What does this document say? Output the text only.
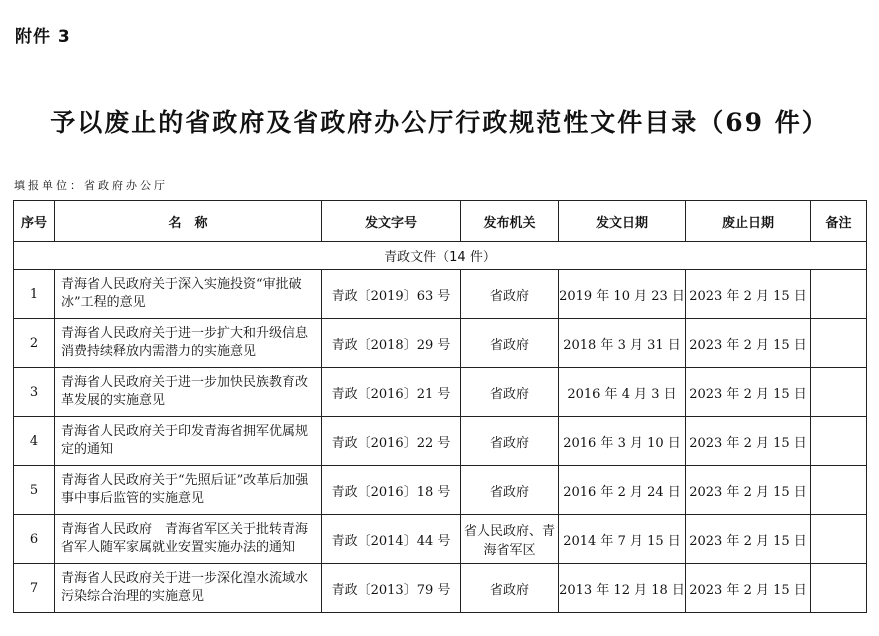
附件 3
予以废止的省政府及省政府办公厅行政规范性文件目录（69 件）
填报单位：省政府办公厅
序号	名　称	发文字号	发布机关	发文日期	废止日期	备注
青政文件（14 件）						
1	青海省人民政府关于深入实施投资“审批破冰”工程的意见	青政〔2019〕63 号	省政府	2019 年 10 月 23 日	2023 年 2 月 15 日	
2	青海省人民政府关于进一步扩大和升级信息消费持续释放内需潜力的实施意见	青政〔2018〕29 号	省政府	2018 年 3 月 31 日	2023 年 2 月 15 日	
3	青海省人民政府关于进一步加快民族教育改革发展的实施意见	青政〔2016〕21 号	省政府	2016 年 4 月 3 日	2023 年 2 月 15 日	
4	青海省人民政府关于印发青海省拥军优属规定的通知	青政〔2016〕22 号	省政府	2016 年 3 月 10 日	2023 年 2 月 15 日	
5	青海省人民政府关于“先照后证”改革后加强事中事后监管的实施意见	青政〔2016〕18 号	省政府	2016 年 2 月 24 日	2023 年 2 月 15 日	
6	青海省人民政府　青海省军区关于批转青海省军人随军家属就业安置实施办法的通知	青政〔2014〕44 号	省人民政府、青海省军区	2014 年 7 月 15 日	2023 年 2 月 15 日	
7	青海省人民政府关于进一步深化湟水流域水污染综合治理的实施意见	青政〔2013〕79 号	省政府	2013 年 12 月 18 日	2023 年 2 月 15 日	
